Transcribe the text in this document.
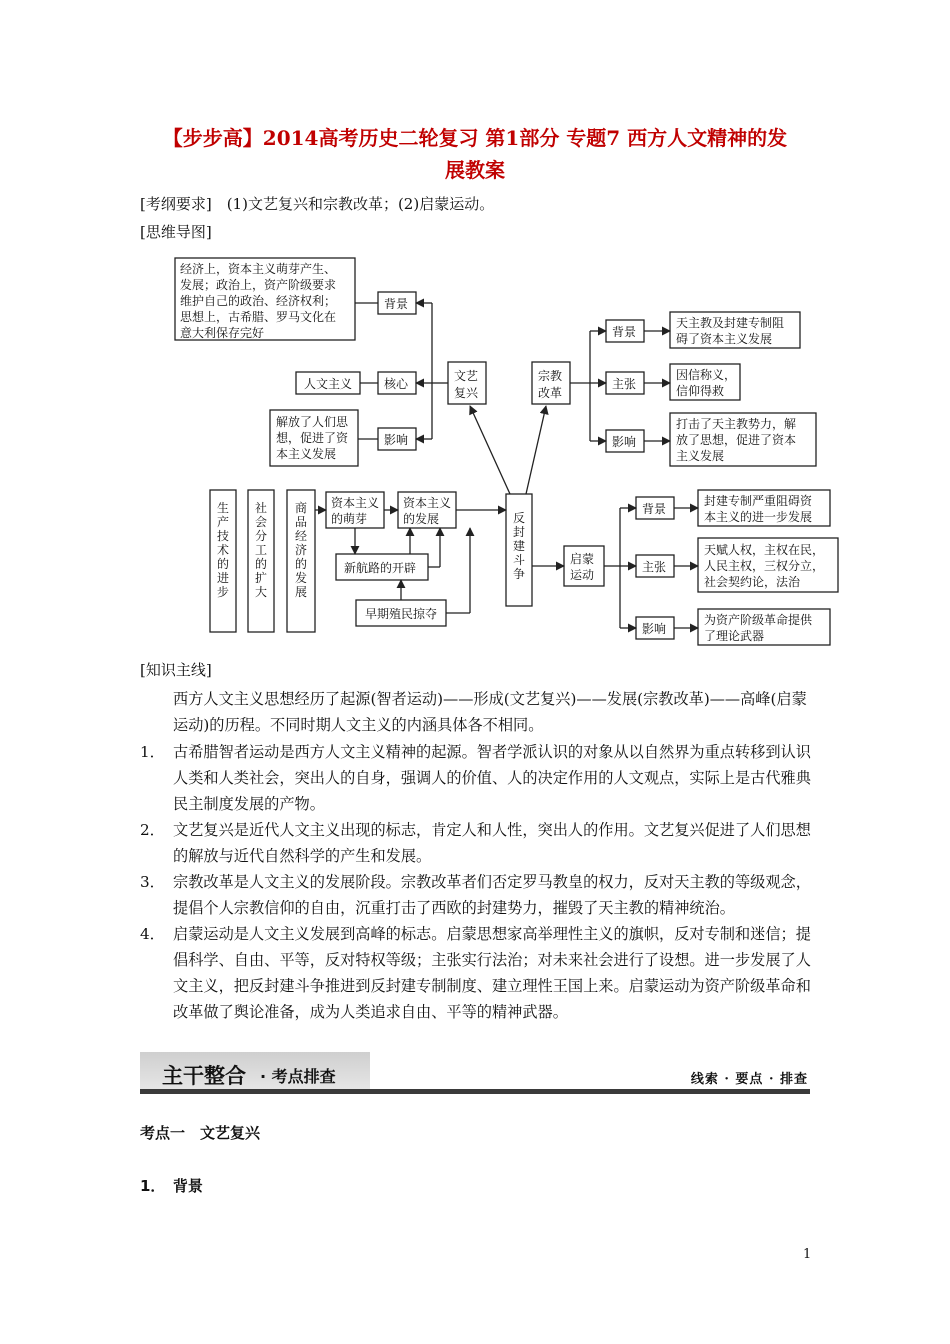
【步步高】2014高考历史二轮复习 第1部分 专题7 西方人文精神的发
展教案
[考纲要求]　(1)文艺复兴和宗教改革；(2)启蒙运动。
[思维导图]
经济上，资本主义萌芽产生、
发展；政治上，资产阶级要求
维护自己的政治、经济权利；
思想上，古希腊、罗马文化在
意大利保存完好
背景
人文主义	核心
解放了人们思
想，促进了资
本主义发展
影响
文艺
复兴
宗教
改革
背景
天主教及封建专制阻
碍了资本主义发展
主张
因信称义，
信仰得救
影响
打击了天主教势力，解
放了思想，促进了资本
主义发展
资本主义
的萌芽
资本主义
的发展
新航路的开辟
早期殖民掠夺
启蒙
运动
背景
封建专制严重阻碍资
本主义的进一步发展
主张
天赋人权，主权在民，
人民主权，三权分立，
社会契约论，法治
影响
为资产阶级革命提供
了理论武器
生产技术的进步
社会分工的扩大
商品经济的发展
反封建斗争
[知识主线]
西方人文主义思想经历了起源(智者运动)——形成(文艺复兴)——发展(宗教改革)——高峰(启蒙运动)的历程。不同时期人文主义的内涵具体各不相同。
1． 古希腊智者运动是西方人文主义精神的起源。智者学派认识的对象从以自然界为重点转移到认识人类和人类社会，突出人的自身，强调人的价值、人的决定作用的人文观点，实际上是古代雅典民主制度发展的产物。
2． 文艺复兴是近代人文主义出现的标志，肯定人和人性，突出人的作用。文艺复兴促进了人们思想的解放与近代自然科学的产生和发展。
3． 宗教改革是人文主义的发展阶段。宗教改革者们否定罗马教皇的权力，反对天主教的等级观念，提倡个人宗教信仰的自由，沉重打击了西欧的封建势力，摧毁了天主教的精神统治。
4． 启蒙运动是人文主义发展到高峰的标志。启蒙思想家高举理性主义的旗帜，反对专制和迷信；提倡科学、自由、平等，反对特权等级；主张实行法治；对未来社会进行了设想。进一步发展了人文主义，把反封建斗争推进到反封建专制制度、建立理性王国上来。启蒙运动为资产阶级革命和改革做了舆论准备，成为人类追求自由、平等的精神武器。
主干整合 · 考点排查	线索 · 要点 · 排查
考点一　文艺复兴
1．　背景
1
